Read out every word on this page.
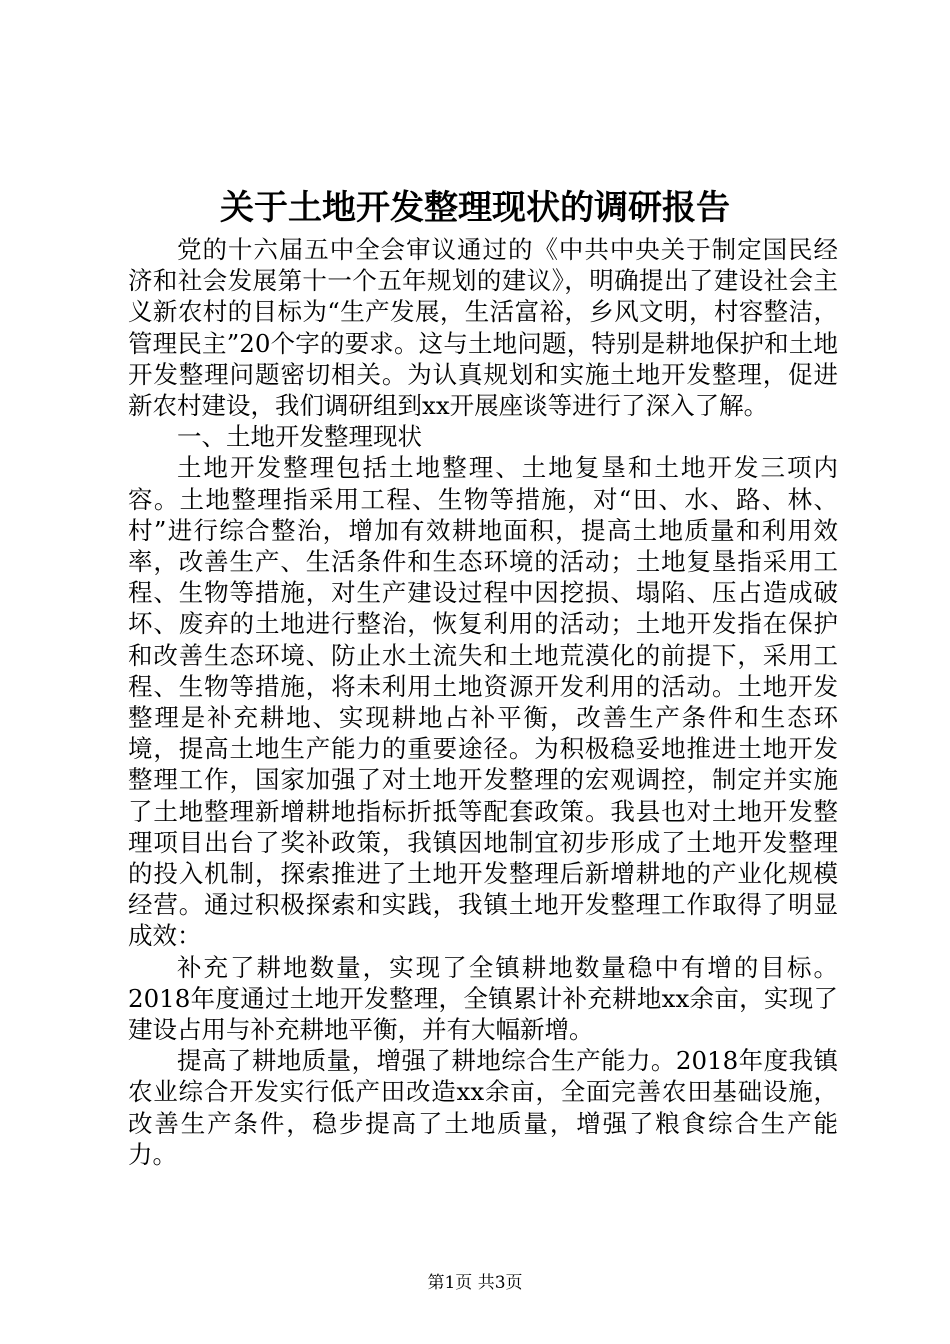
关于土地开发整理现状的调研报告

党的十六届五中全会审议通过的《中共中央关于制定国民经济和社会发展第十一个五年规划的建议》，明确提出了建设社会主义新农村的目标为“生产发展，生活富裕，乡风文明，村容整洁，管理民主”20个字的要求。这与土地问题，特别是耕地保护和土地开发整理问题密切相关。为认真规划和实施土地开发整理，促进新农村建设，我们调研组到xx开展座谈等进行了深入了解。

一、土地开发整理现状

土地开发整理包括土地整理、土地复垦和土地开发三项内容。土地整理指采用工程、生物等措施，对“田、水、路、林、村”进行综合整治，增加有效耕地面积，提高土地质量和利用效率，改善生产、生活条件和生态环境的活动；土地复垦指采用工程、生物等措施，对生产建设过程中因挖损、塌陷、压占造成破坏、废弃的土地进行整治，恢复利用的活动；土地开发指在保护和改善生态环境、防止水土流失和土地荒漠化的前提下，采用工程、生物等措施，将未利用土地资源开发利用的活动。土地开发整理是补充耕地、实现耕地占补平衡，改善生产条件和生态环境，提高土地生产能力的重要途径。为积极稳妥地推进土地开发整理工作，国家加强了对土地开发整理的宏观调控，制定并实施了土地整理新增耕地指标折抵等配套政策。我县也对土地开发整理项目出台了奖补政策，我镇因地制宜初步形成了土地开发整理的投入机制，探索推进了土地开发整理后新增耕地的产业化规模经营。通过积极探索和实践，我镇土地开发整理工作取得了明显成效：

补充了耕地数量，实现了全镇耕地数量稳中有增的目标。2018年度通过土地开发整理，全镇累计补充耕地xx余亩，实现了建设占用与补充耕地平衡，并有大幅新增。

提高了耕地质量，增强了耕地综合生产能力。2018年度我镇农业综合开发实行低产田改造xx余亩，全面完善农田基础设施，改善生产条件，稳步提高了土地质量，增强了粮食综合生产能力。

第1页 共3页
